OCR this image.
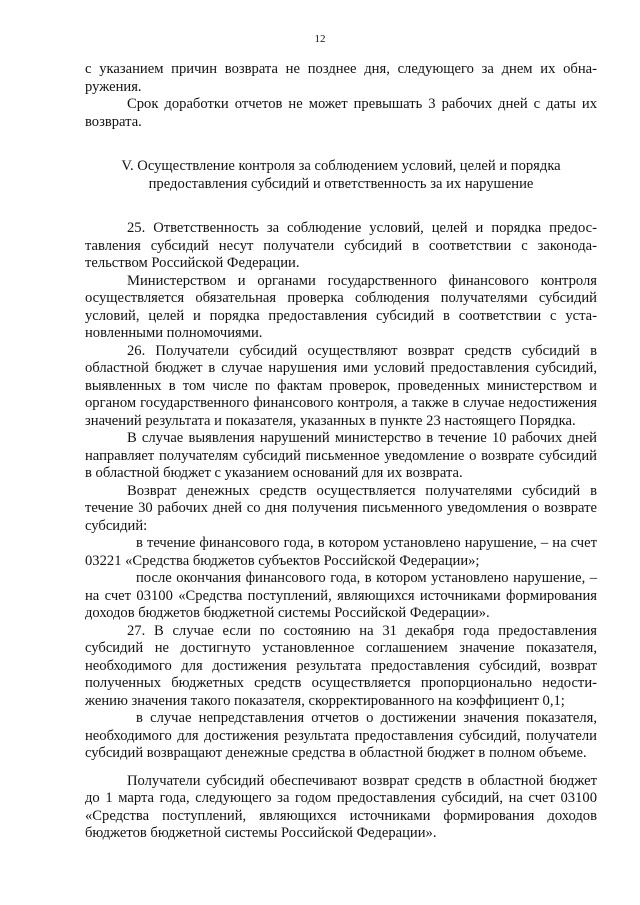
12

с указанием причин возврата не позднее дня, следующего за днем их обнаружения.

Срок доработки отчетов не может превышать 3 рабочих дней с даты их возврата.

V. Осуществление контроля за соблюдением условий, целей и порядка предоставления субсидий и ответственность за их нарушение

25. Ответственность за соблюдение условий, целей и порядка предоставления субсидий несут получатели субсидий в соответствии с законодательством Российской Федерации.

Министерством и органами государственного финансового контроля осуществляется обязательная проверка соблюдения получателями субсидий условий, целей и порядка предоставления субсидий в соответствии с установленными полномочиями.

26. Получатели субсидий осуществляют возврат средств субсидий в областной бюджет в случае нарушения ими условий предоставления субсидий, выявленных в том числе по фактам проверок, проведенных министерством и органом государственного финансового контроля, а также в случае недостижения значений результата и показателя, указанных в пункте 23 настоящего Порядка.

В случае выявления нарушений министерство в течение 10 рабочих дней направляет получателям субсидий письменное уведомление о возврате субсидий в областной бюджет с указанием оснований для их возврата.

Возврат денежных средств осуществляется получателями субсидий в течение 30 рабочих дней со дня получения письменного уведомления о возврате субсидий:

в течение финансового года, в котором установлено нарушение, – на счет 03221 «Средства бюджетов субъектов Российской Федерации»;

после окончания финансового года, в котором установлено нарушение, – на счет 03100 «Средства поступлений, являющихся источниками формирования доходов бюджетов бюджетной системы Российской Федерации».

27. В случае если по состоянию на 31 декабря года предоставления субсидий не достигнуто установленное соглашением значение показателя, необходимого для достижения результата предоставления субсидий, возврат полученных бюджетных средств осуществляется пропорционально недостижению значения такого показателя, скорректированного на коэффициент 0,1;

в случае непредставления отчетов о достижении значения показателя, необходимого для достижения результата предоставления субсидий, получатели субсидий возвращают денежные средства в областной бюджет в полном объеме.

Получатели субсидий обеспечивают возврат средств в областной бюджет до 1 марта года, следующего за годом предоставления субсидий, на счет 03100 «Средства поступлений, являющихся источниками формирования доходов бюджетов бюджетной системы Российской Федерации».
